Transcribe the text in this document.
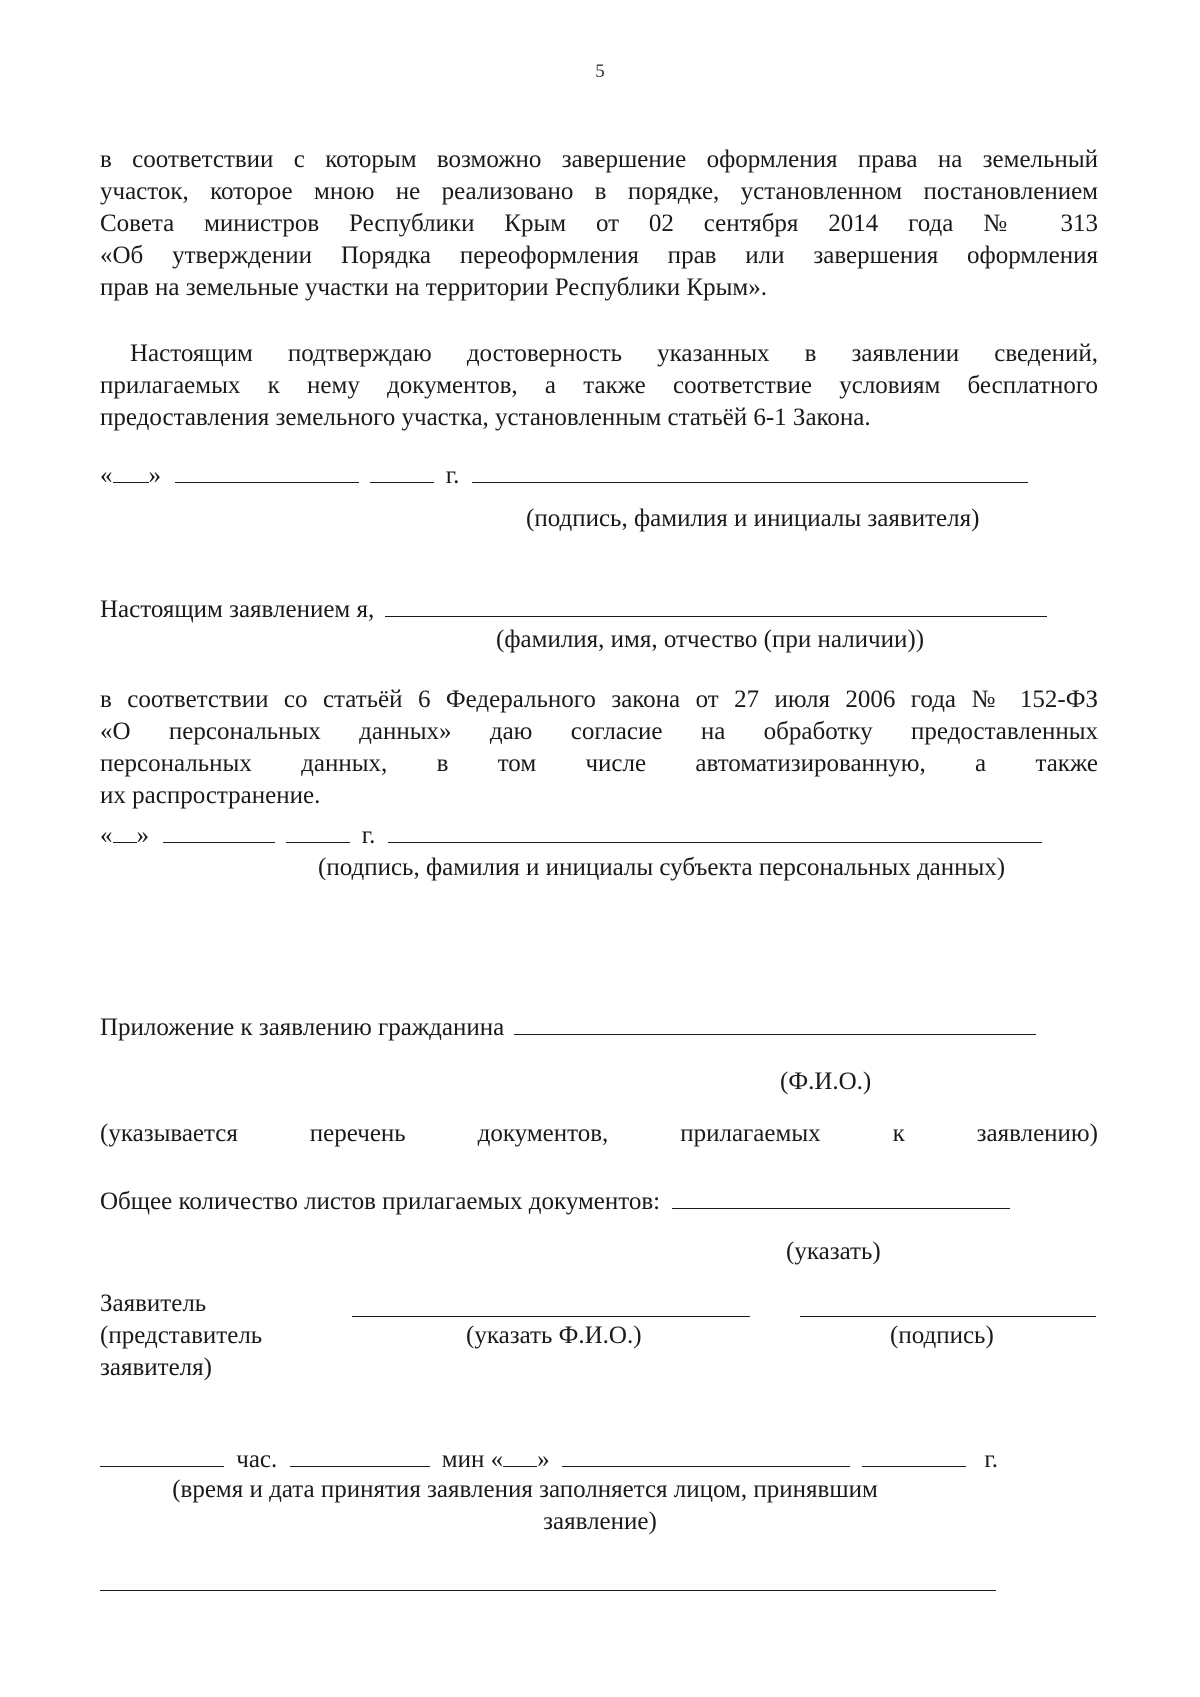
5
в соответствии с которым возможно завершение оформления права на земельный
участок, которое мною не реализовано в порядке, установленном постановлением
Совета министров Республики Крым от 02 сентября 2014 года № 313
«Об утверждении Порядка переоформления прав или завершения оформления
прав на земельные участки на территории Республики Крым».
Настоящим подтверждаю достоверность указанных в заявлении сведений,
прилагаемых к нему документов, а также соответствие условиям бесплатного
предоставления земельного участка, установленным статьёй 6-1 Закона.
« »	г.
(подпись, фамилия и инициалы заявителя)
Настоящим заявлением я,
(фамилия, имя, отчество (при наличии))
в соответствии со статьёй 6 Федерального закона от 27 июля 2006 года № 152-ФЗ
«О персональных данных» даю согласие на обработку предоставленных
персональных данных, в том числе автоматизированную, а также
их распространение.
« »	г.
(подпись, фамилия и инициалы субъекта персональных данных)
Приложение к заявлению гражданина
(Ф.И.О.)
(указывается	перечень	документов,	прилагаемых	к	заявлению)
Общее количество листов прилагаемых документов:
(указать)
Заявитель
(представитель
заявителя)
(указать Ф.И.О.)	(подпись)
час.	мин « »	г.
(время и дата принятия заявления заполняется лицом, принявшим
заявление)
